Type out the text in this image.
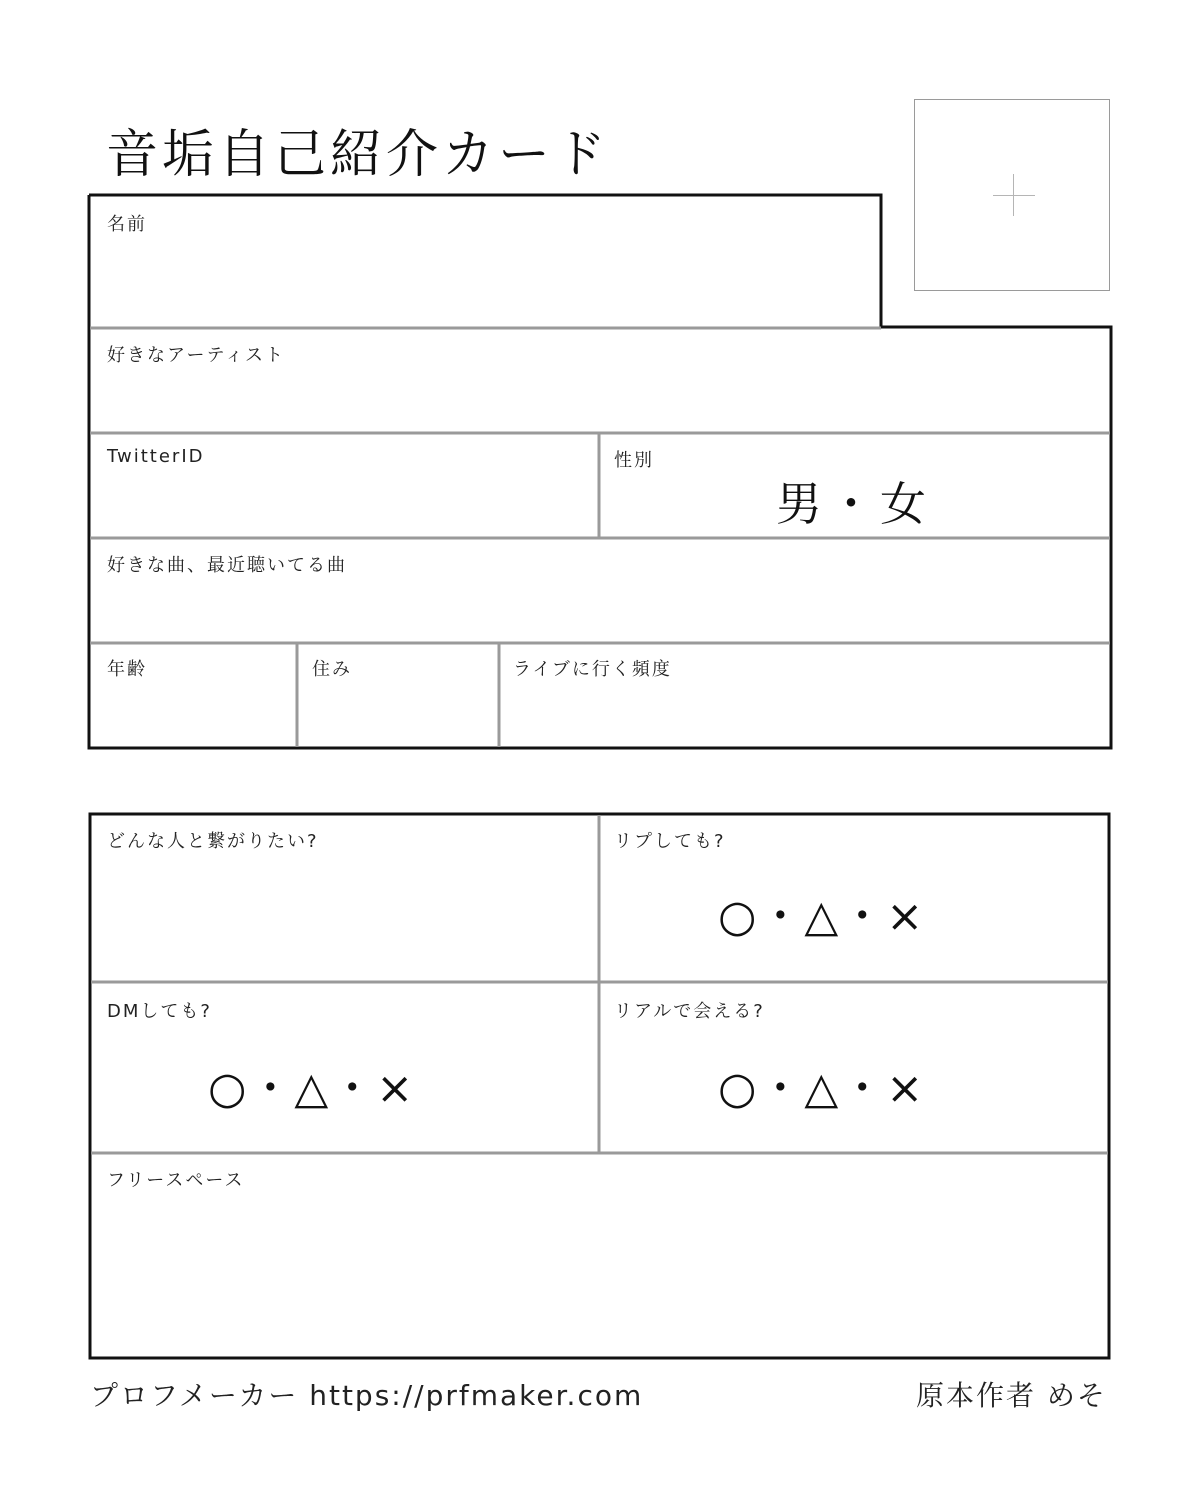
音垢自己紹介カード
名前
好きなアーティスト
TwitterID	性別
男・女
好きな曲、最近聴いてる曲
年齢	住み	ライブに行く頻度
どんな人と繋がりたい?	リプしても?
○・△・×
DMしても?
○・△・×
リアルで会える?
○・△・×
フリースペース
プロフメーカー https://prfmaker.com	原本作者 めそ
